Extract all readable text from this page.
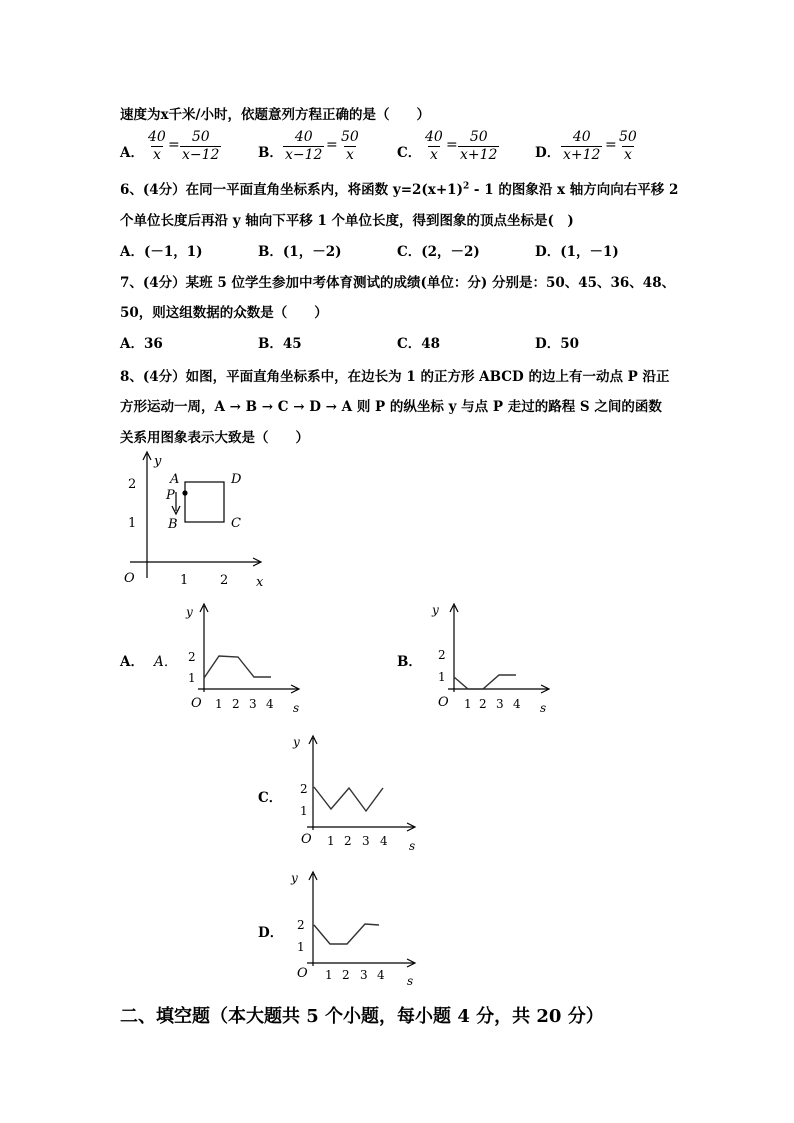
速度为x千米/小时，依题意列方程正确的是（　　）
A． $\frac{40}{x} = \frac{50}{x-12}$	B． $\frac{40}{x-12} = \frac{50}{x}$	C． $\frac{40}{x} = \frac{50}{x+12}$	D． $\frac{40}{x+12} = \frac{50}{x}$
6、(4分）在同一平面直角坐标系内，将函数 $y=2(x+1)^2 - 1$ 的图象沿 x 轴方向向右平移 2
个单位长度后再沿 y 轴向下平移 1 个单位长度，得到图象的顶点坐标是(　)
A．(－1，1)	B．(1，－2)	C．(2，－2)	D．(1，－1)
7、(4分）某班 5 位学生参加中考体育测试的成绩(单位：分) 分别是：50、45、36、48、
50，则这组数据的众数是（　　）
A．36	B．45	C．48	D．50
8、(4分）如图，平面直角坐标系中，在边长为 1 的正方形 ABCD 的边上有一动点 P 沿正
方形运动一周，A → B → C → D → A 则 P 的纵坐标 y 与点 P 走过的路程 S 之间的函数
关系用图象表示大致是（　　）
y
x
O	1 2
1
2	A
P
B
D
C
A． A．
y
s
O
1
2
1 2 3 4
B．
y
s
O
1
2
1 2 3 4
C．
y
s
O
1
2
1 2 3 4
D．
y
s
O
1
2
1 2 3 4
二、填空题（本大题共 5 个小题，每小题 4 分，共 20 分）
